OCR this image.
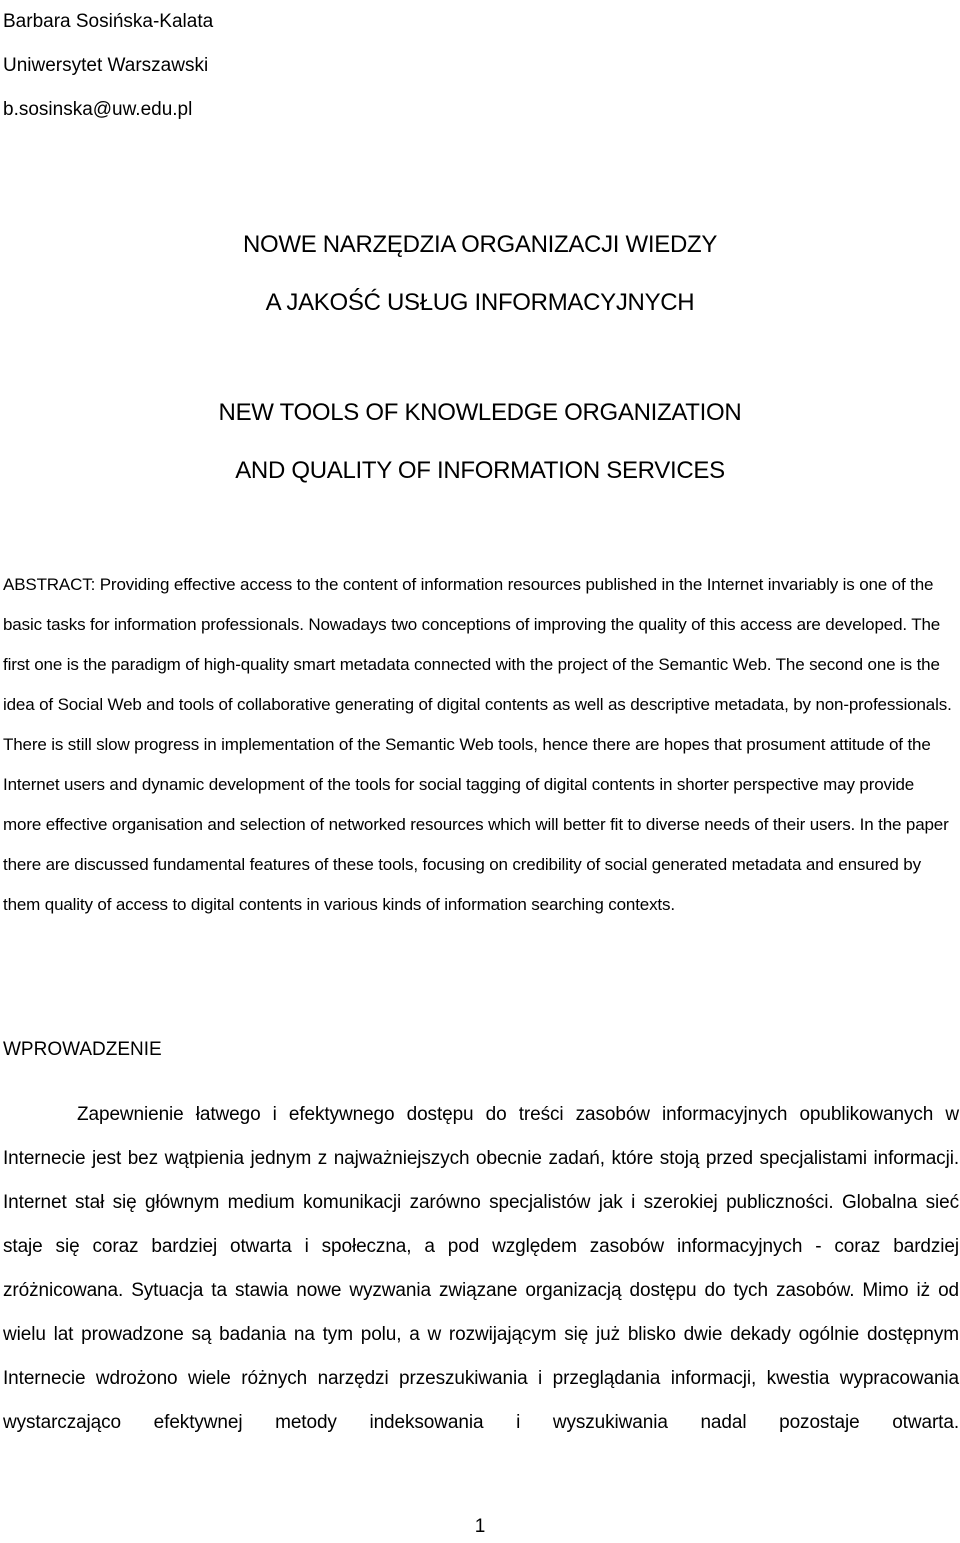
Barbara Sosińska-Kalata
Uniwersytet Warszawski
b.sosinska@uw.edu.pl
NOWE NARZĘDZIA ORGANIZACJI WIEDZY
A JAKOŚĆ USŁUG INFORMACYJNYCH
NEW TOOLS OF KNOWLEDGE ORGANIZATION
AND QUALITY OF INFORMATION SERVICES
ABSTRACT: Providing effective access to the content of information resources published in the Internet invariably is one of the basic tasks for information professionals. Nowadays two conceptions of improving the quality of this access are developed. The first one is the paradigm of high-quality smart metadata connected with the project of the Semantic Web. The second one is the idea of Social Web and tools of collaborative generating of digital contents as well as descriptive metadata, by non-professionals. There is still slow progress in implementation of the Semantic Web tools, hence there are hopes that prosument attitude of the Internet users and dynamic development of the tools for social tagging of digital contents in shorter perspective may provide more effective organisation and selection of networked resources which will better fit to diverse needs of their users. In the paper there are discussed fundamental features of these tools, focusing on credibility of social generated metadata and ensured by them quality of access to digital contents in various kinds of information searching contexts.
WPROWADZENIE
Zapewnienie łatwego i efektywnego dostępu do treści zasobów informacyjnych opublikowanych w Internecie jest bez wątpienia jednym z najważniejszych obecnie zadań, które stoją przed specjalistami informacji. Internet stał się głównym medium komunikacji zarówno specjalistów jak i szerokiej publiczności. Globalna sieć staje się coraz bardziej otwarta i społeczna, a pod względem zasobów informacyjnych - coraz bardziej zróżnicowana. Sytuacja ta stawia nowe wyzwania związane organizacją dostępu do tych zasobów. Mimo iż od wielu lat prowadzone są badania na tym polu, a w rozwijającym się już blisko dwie dekady ogólnie dostępnym Internecie wdrożono wiele różnych narzędzi przeszukiwania i przeglądania informacji, kwestia wypracowania wystarczająco efektywnej metody indeksowania i wyszukiwania nadal pozostaje otwarta.
1
